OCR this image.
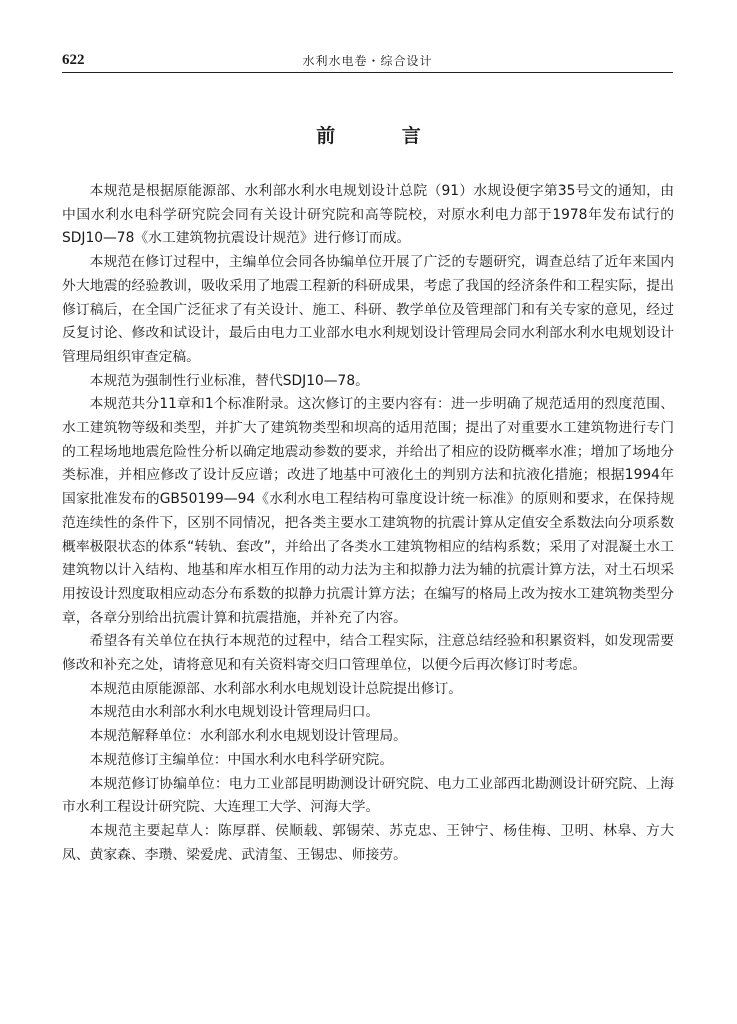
622	水利水电卷・综合设计
前 言

本规范是根据原能源部、水利部水利水电规划设计总院（91）水规设便字第35号文的通知，由中国水利水电科学研究院会同有关设计研究院和高等院校，对原水利电力部于1978年发布试行的SDJ10—78《水工建筑物抗震设计规范》进行修订而成。

本规范在修订过程中，主编单位会同各协编单位开展了广泛的专题研究，调查总结了近年来国内外大地震的经验教训，吸收采用了地震工程新的科研成果，考虑了我国的经济条件和工程实际，提出修订稿后，在全国广泛征求了有关设计、施工、科研、教学单位及管理部门和有关专家的意见，经过反复讨论、修改和试设计，最后由电力工业部水电水利规划设计管理局会同水利部水利水电规划设计管理局组织审查定稿。

本规范为强制性行业标准，替代SDJ10—78。

本规范共分11章和1个标准附录。这次修订的主要内容有：进一步明确了规范适用的烈度范围、水工建筑物等级和类型，并扩大了建筑物类型和坝高的适用范围；提出了对重要水工建筑物进行专门的工程场地地震危险性分析以确定地震动参数的要求，并给出了相应的设防概率水准；增加了场地分类标准，并相应修改了设计反应谱；改进了地基中可液化土的判别方法和抗液化措施；根据1994年国家批准发布的GB50199—94《水利水电工程结构可靠度设计统一标准》的原则和要求，在保持规范连续性的条件下，区别不同情况，把各类主要水工建筑物的抗震计算从定值安全系数法向分项系数概率极限状态的体系“转轨、套改”，并给出了各类水工建筑物相应的结构系数；采用了对混凝土水工建筑物以计入结构、地基和库水相互作用的动力法为主和拟静力法为辅的抗震计算方法，对土石坝采用按设计烈度取相应动态分布系数的拟静力抗震计算方法；在编写的格局上改为按水工建筑物类型分章，各章分别给出抗震计算和抗震措施，并补充了内容。

希望各有关单位在执行本规范的过程中，结合工程实际，注意总结经验和积累资料，如发现需要修改和补充之处，请将意见和有关资料寄交归口管理单位，以便今后再次修订时考虑。

本规范由原能源部、水利部水利水电规划设计总院提出修订。

本规范由水利部水利水电规划设计管理局归口。

本规范解释单位：水利部水利水电规划设计管理局。

本规范修订主编单位：中国水利水电科学研究院。

本规范修订协编单位：电力工业部昆明勘测设计研究院、电力工业部西北勘测设计研究院、上海市水利工程设计研究院、大连理工大学、河海大学。

本规范主要起草人：陈厚群、侯顺载、郭锡荣、苏克忠、王钟宁、杨佳梅、卫明、林皋、方大凤、黄家森、李瓒、梁爱虎、武清玺、王锡忠、师接劳。
